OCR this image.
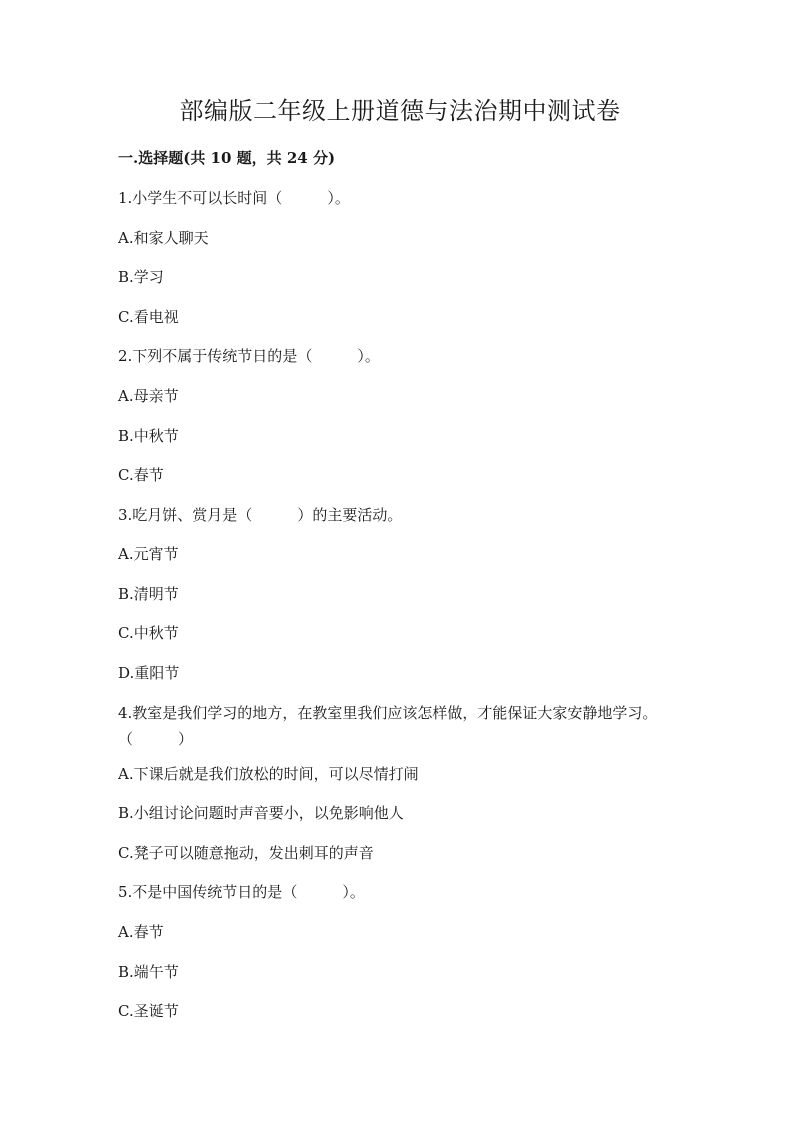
部编版二年级上册道德与法治期中测试卷
一.选择题(共 10 题，共 24 分)
1.小学生不可以长时间（　　　）。
A.和家人聊天
B.学习
C.看电视
2.下列不属于传统节日的是（　　　）。
A.母亲节
B.中秋节
C.春节
3.吃月饼、赏月是（　　　）的主要活动。
A.元宵节
B.清明节
C.中秋节
D.重阳节
4.教室是我们学习的地方，在教室里我们应该怎样做，才能保证大家安静地学习。（　　　）
A.下课后就是我们放松的时间，可以尽情打闹
B.小组讨论问题时声音要小，以免影响他人
C.凳子可以随意拖动，发出刺耳的声音
5.不是中国传统节日的是（　　　）。
A.春节
B.端午节
C.圣诞节
